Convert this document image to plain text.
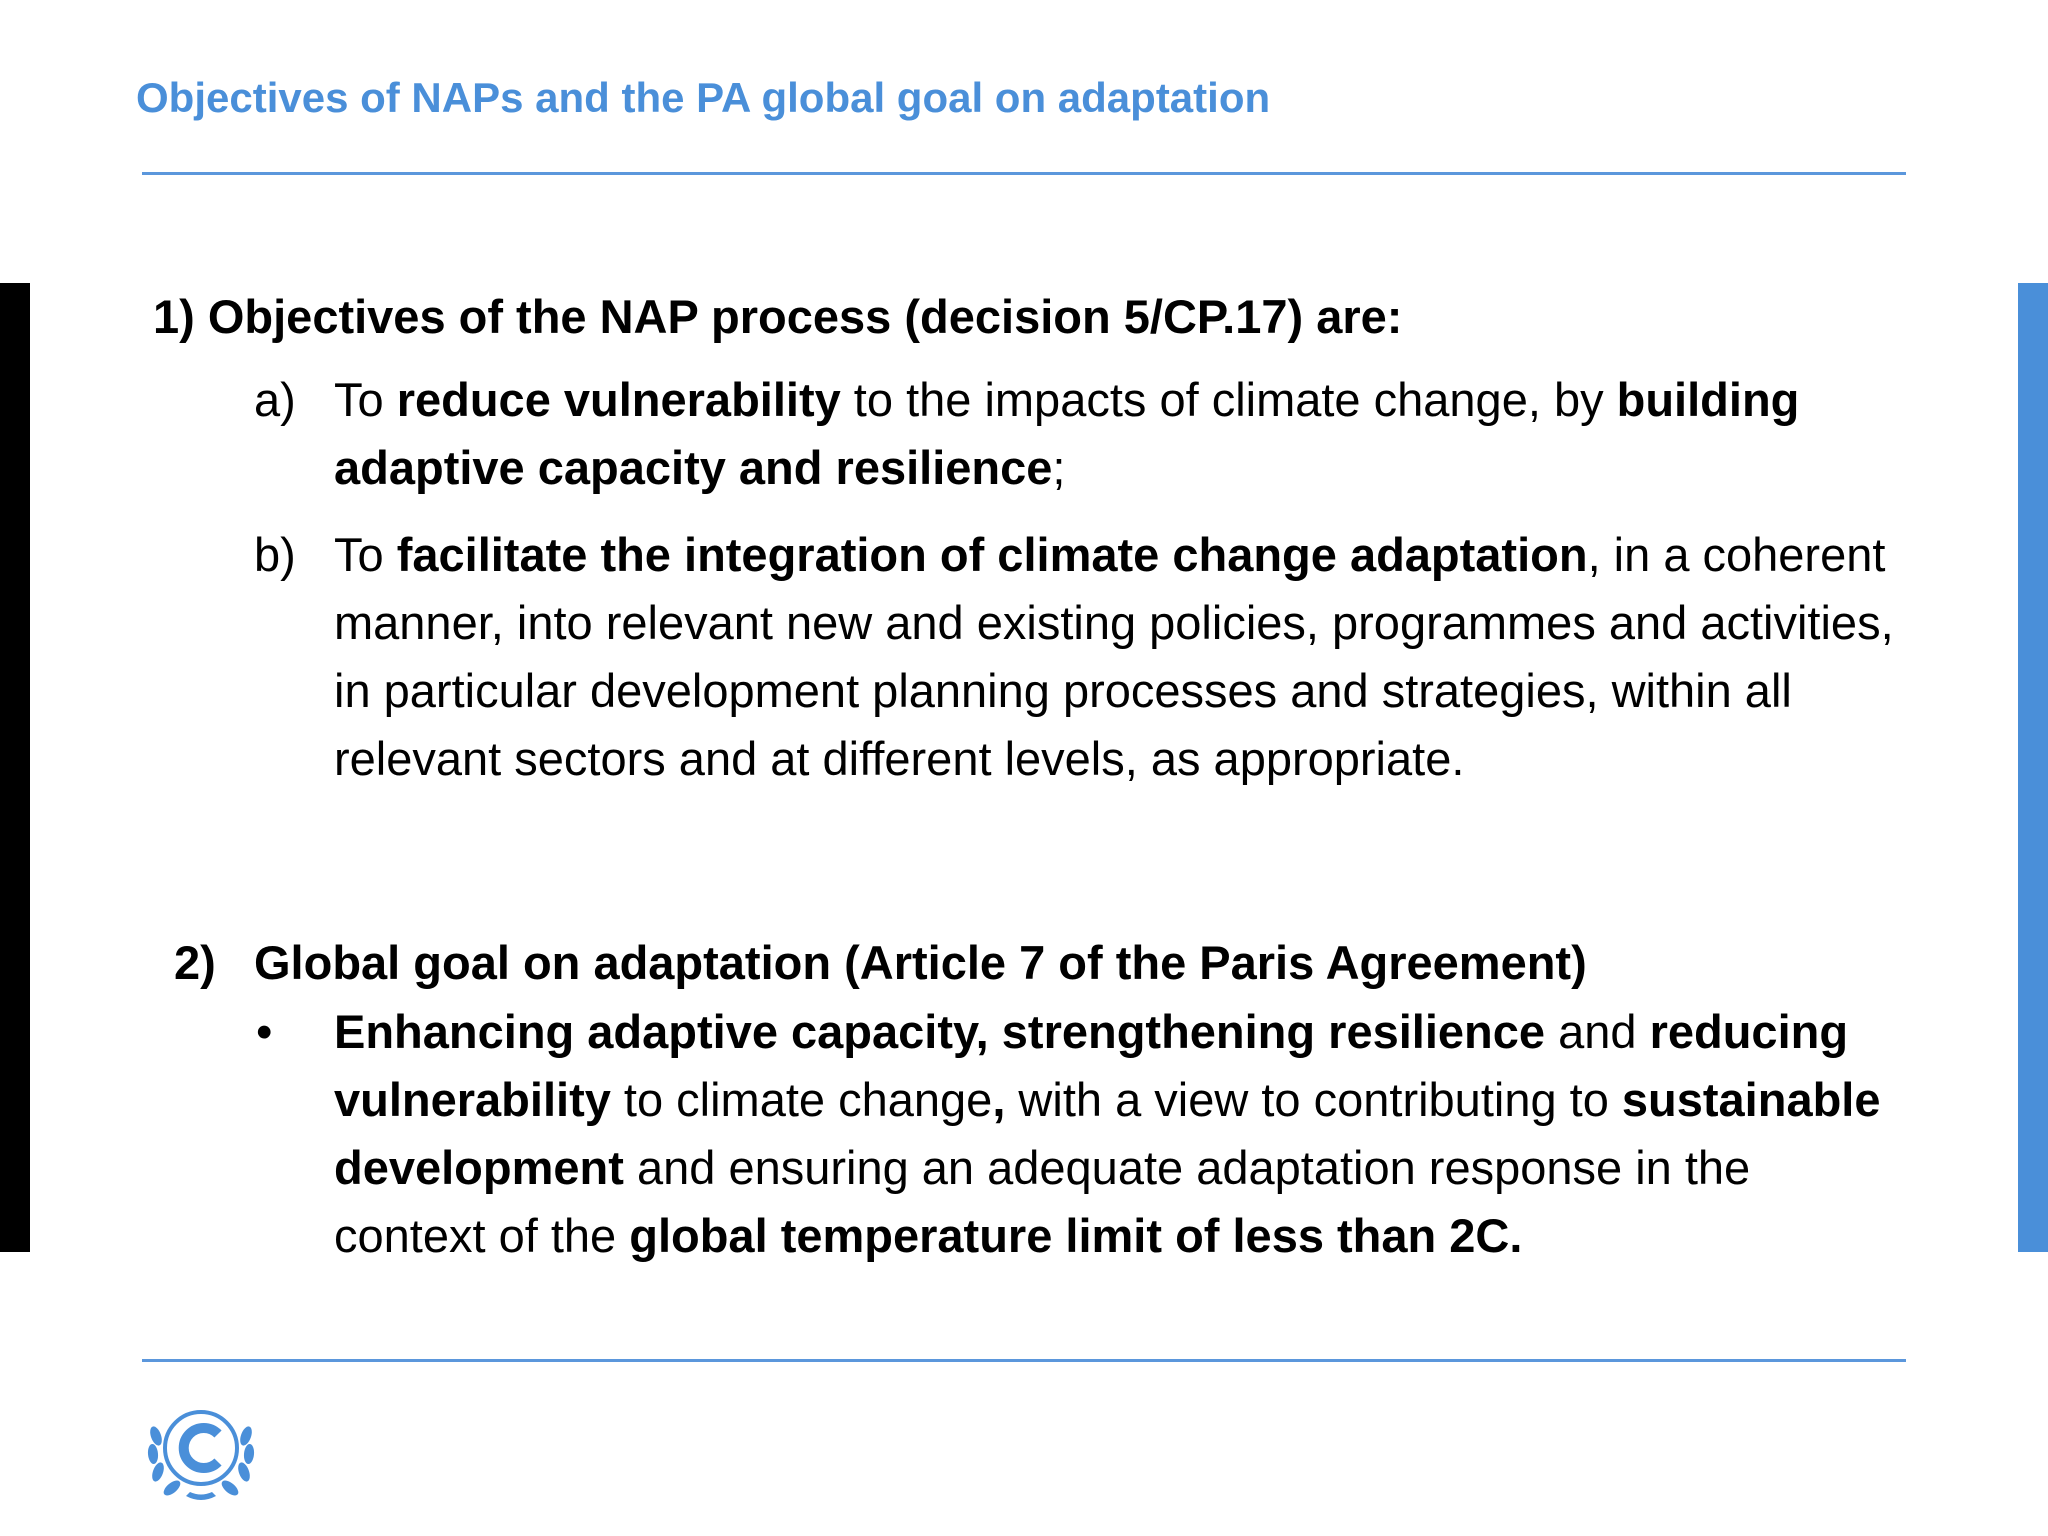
Objectives of NAPs and the PA global goal on adaptation
1) Objectives of the NAP process (decision 5/CP.17) are:
a) To reduce vulnerability to the impacts of climate change, by building adaptive capacity and resilience;
b) To facilitate the integration of climate change adaptation, in a coherent manner, into relevant new and existing policies, programmes and activities, in particular development planning processes and strategies, within all relevant sectors and at different levels, as appropriate.
2) Global goal on adaptation (Article 7 of the Paris Agreement)
• Enhancing adaptive capacity, strengthening resilience and reducing vulnerability to climate change, with a view to contributing to sustainable development and ensuring an adequate adaptation response in the context of the global temperature limit of less than 2C.
